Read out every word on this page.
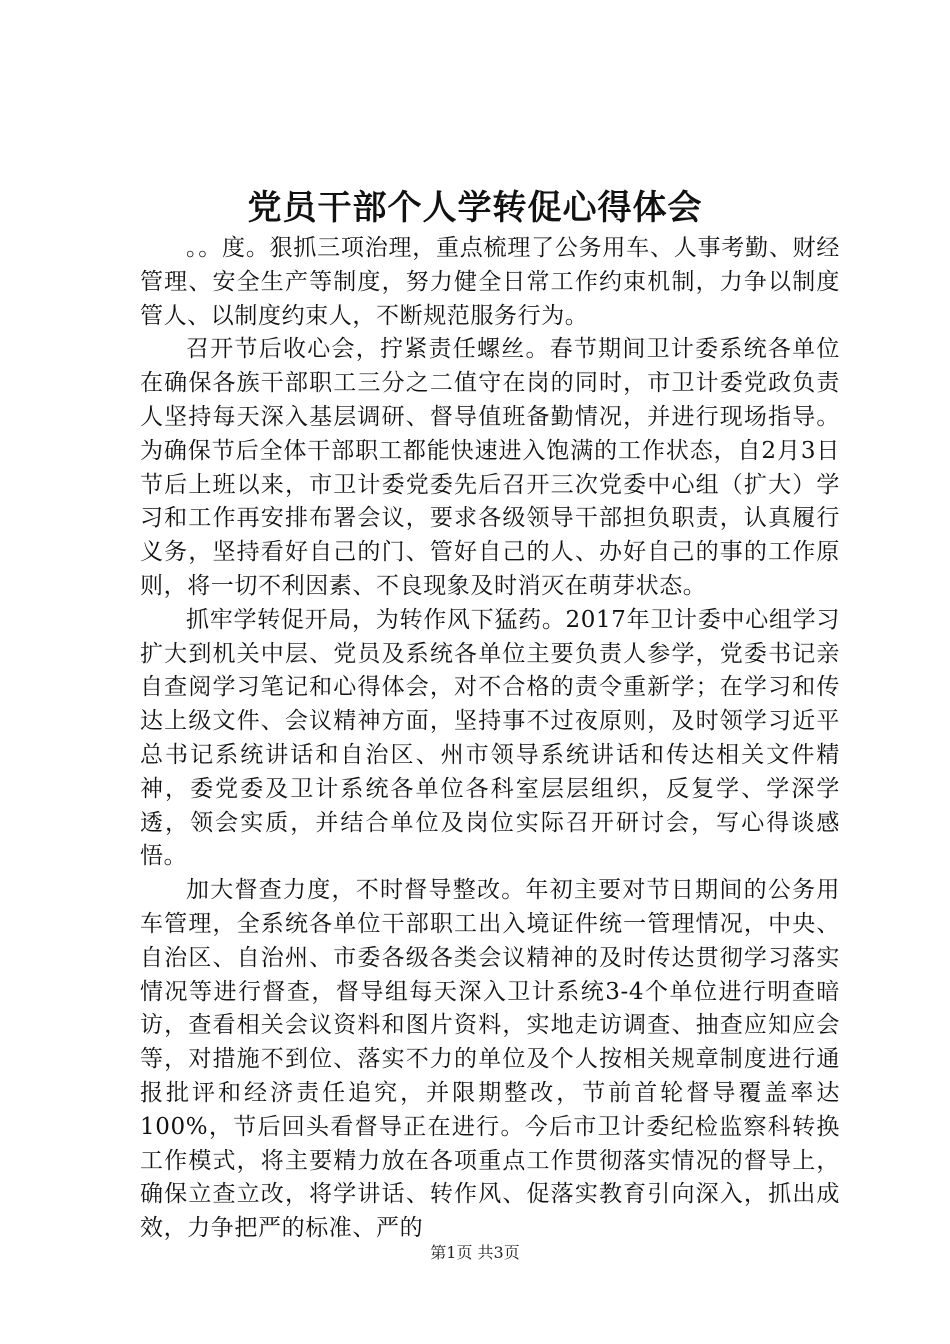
党员干部个人学转促心得体会

。。度。狠抓三项治理，重点梳理了公务用车、人事考勤、财经管理、安全生产等制度，努力健全日常工作约束机制，力争以制度管人、以制度约束人，不断规范服务行为。

召开节后收心会，拧紧责任螺丝。春节期间卫计委系统各单位在确保各族干部职工三分之二值守在岗的同时，市卫计委党政负责人坚持每天深入基层调研、督导值班备勤情况，并进行现场指导。为确保节后全体干部职工都能快速进入饱满的工作状态，自2月3日节后上班以来，市卫计委党委先后召开三次党委中心组（扩大）学习和工作再安排布署会议，要求各级领导干部担负职责，认真履行义务，坚持看好自己的门、管好自己的人、办好自己的事的工作原则，将一切不利因素、不良现象及时消灭在萌芽状态。

抓牢学转促开局，为转作风下猛药。2017年卫计委中心组学习扩大到机关中层、党员及系统各单位主要负责人参学，党委书记亲自查阅学习笔记和心得体会，对不合格的责令重新学；在学习和传达上级文件、会议精神方面，坚持事不过夜原则，及时领学习近平总书记系统讲话和自治区、州市领导系统讲话和传达相关文件精神，委党委及卫计系统各单位各科室层层组织，反复学、学深学透，领会实质，并结合单位及岗位实际召开研讨会，写心得谈感悟。

加大督查力度，不时督导整改。年初主要对节日期间的公务用车管理，全系统各单位干部职工出入境证件统一管理情况，中央、自治区、自治州、市委各级各类会议精神的及时传达贯彻学习落实情况等进行督查，督导组每天深入卫计系统3-4个单位进行明查暗访，查看相关会议资料和图片资料，实地走访调查、抽查应知应会等，对措施不到位、落实不力的单位及个人按相关规章制度进行通报批评和经济责任追究，并限期整改，节前首轮督导覆盖率达100%，节后回头看督导正在进行。今后市卫计委纪检监察科转换工作模式，将主要精力放在各项重点工作贯彻落实情况的督导上，确保立查立改，将学讲话、转作风、促落实教育引向深入，抓出成效，力争把严的标准、严的

第1页 共3页
